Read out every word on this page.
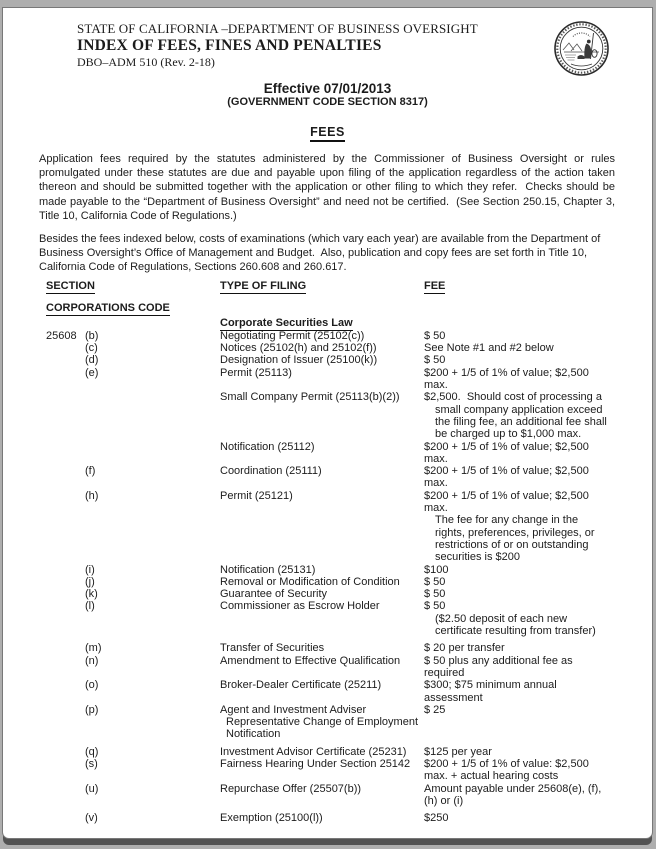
STATE OF CALIFORNIA –DEPARTMENT OF BUSINESS OVERSIGHT
INDEX OF FEES, FINES AND PENALTIES
DBO–ADM 510 (Rev. 2-18)
Effective 07/01/2013
(GOVERNMENT CODE SECTION 8317)
FEES

Application fees required by the statutes administered by the Commissioner of Business Oversight or rules promulgated under these statutes are due and payable upon filing of the application regardless of the action taken thereon and should be submitted together with the application or other filing to which they refer.  Checks should be made payable to the “Department of Business Oversight” and need not be certified.  (See Section 250.15, Chapter 3, Title 10, California Code of Regulations.)

Besides the fees indexed below, costs of examinations (which vary each year) are available from the Department of Business Oversight’s Office of Management and Budget.  Also, publication and copy fees are set forth in Title 10, California Code of Regulations, Sections 260.608 and 260.617.

SECTION	TYPE OF FILING	FEE
CORPORATIONS CODE
Corporate Securities Law
25608 (b)	Negotiating Permit (25102(c))	$ 50
(c)	Notices (25102(h) and 25102(f))	See Note #1 and #2 below
(d)	Designation of Issuer (25100(k))	$ 50
(e)	Permit (25113)	$200 + 1/5 of 1% of value; $2,500
max.
Small Company Permit (25113(b)(2))	$2,500.  Should cost of processing a
small company application exceed
the filing fee, an additional fee shall
be charged up to $1,000 max.
Notification (25112)	$200 + 1/5 of 1% of value; $2,500
max.
(f)	Coordination (25111)	$200 + 1/5 of 1% of value; $2,500
max.
(h)	Permit (25121)	$200 + 1/5 of 1% of value; $2,500
max.
The fee for any change in the
rights, preferences, privileges, or
restrictions of or on outstanding
securities is $200
(i)	Notification (25131)	$100
(j)	Removal or Modification of Condition	$ 50
(k)	Guarantee of Security	$ 50
(l)	Commissioner as Escrow Holder	$ 50
($2.50 deposit of each new
certificate resulting from transfer)
(m)	Transfer of Securities	$ 20 per transfer
(n)	Amendment to Effective Qualification	$ 50 plus any additional fee as
required
(o)	Broker-Dealer Certificate (25211)	$300; $75 minimum annual
assessment
(p)	Agent and Investment Adviser	$ 25
Representative Change of Employment
Notification
(q)	Investment Advisor Certificate (25231)	$125 per year
(s)	Fairness Hearing Under Section 25142	$200 + 1/5 of 1% of value: $2,500
max. + actual hearing costs
(u)	Repurchase Offer (25507(b))	Amount payable under 25608(e), (f),
(h) or (i)
(v)	Exemption (25100(l))	$250
